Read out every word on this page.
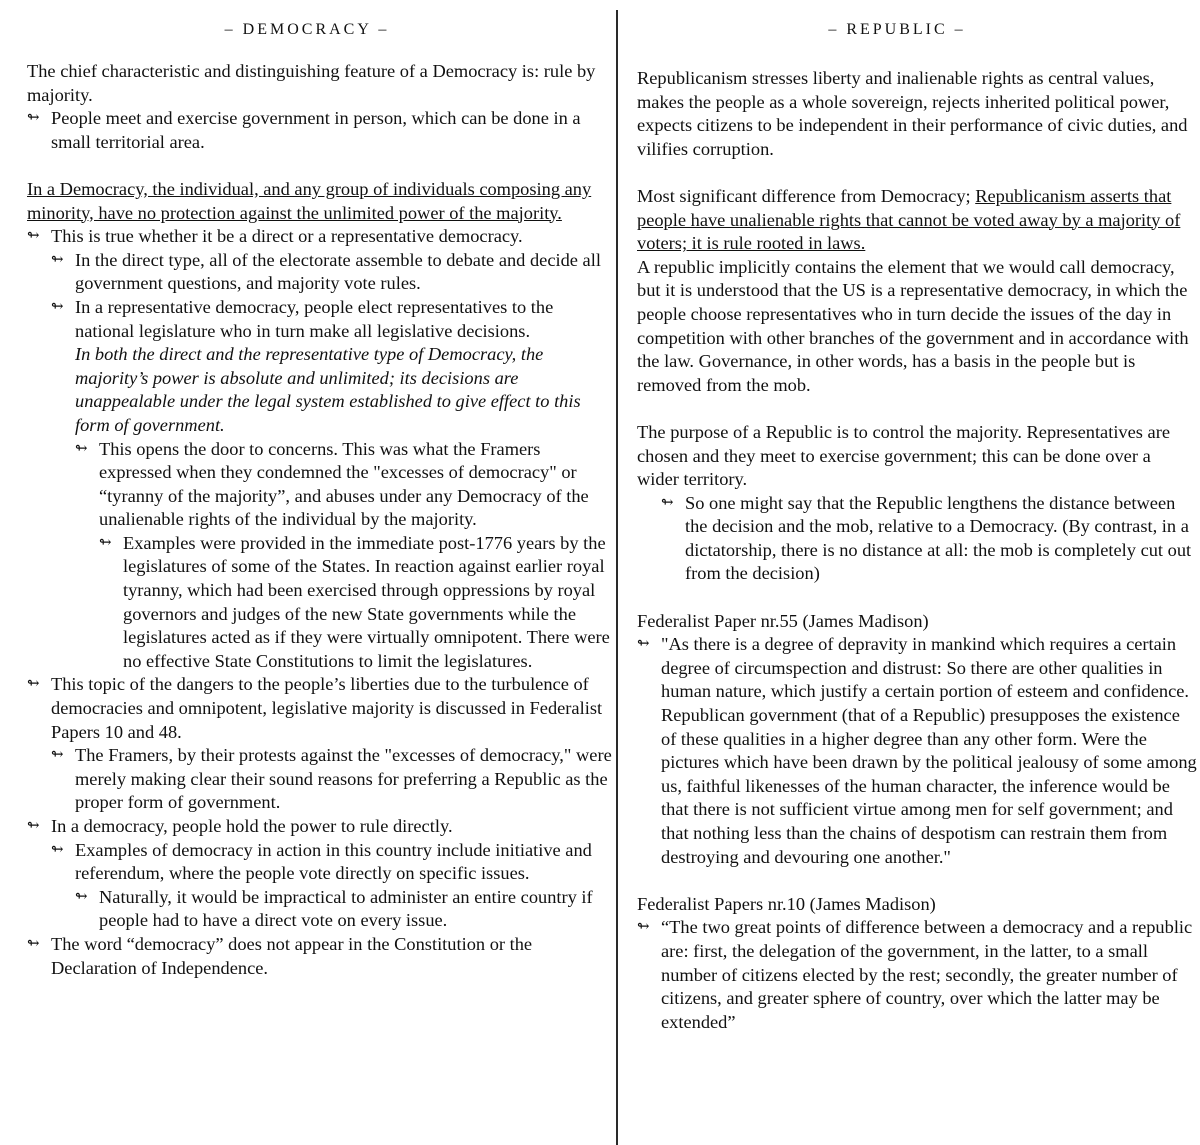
– DEMOCRACY –

The chief characteristic and distinguishing feature of a Democracy is: rule by majority.

↬ People meet and exercise government in person, which can be done in a small territorial area.

In a Democracy, the individual, and any group of individuals composing any minority, have no protection against the unlimited power of the majority.

↬ This is true whether it be a direct or a representative democracy.

↬ In the direct type, all of the electorate assemble to debate and decide all government questions, and majority vote rules.

↬ In a representative democracy, people elect representatives to the national legislature who in turn make all legislative decisions.

In both the direct and the representative type of Democracy, the majority’s power is absolute and unlimited; its decisions are unappealable under the legal system established to give effect to this form of government.

↬ This opens the door to concerns. This was what the Framers expressed when they condemned the "excesses of democracy" or “tyranny of the majority”, and abuses under any Democracy of the unalienable rights of the individual by the majority.

↬ Examples were provided in the immediate post-1776 years by the legislatures of some of the States. In reaction against earlier royal tyranny, which had been exercised through oppressions by royal governors and judges of the new State governments while the legislatures acted as if they were virtually omnipotent. There were no effective State Constitutions to limit the legislatures.

↬ This topic of the dangers to the people’s liberties due to the turbulence of democracies and omnipotent, legislative majority is discussed in Federalist Papers 10 and 48.

↬ The Framers, by their protests against the "excesses of democracy," were merely making clear their sound reasons for preferring a Republic as the proper form of government.

↬ In a democracy, people hold the power to rule directly.

↬ Examples of democracy in action in this country include initiative and referendum, where the people vote directly on specific issues.

↬ Naturally, it would be impractical to administer an entire country if people had to have a direct vote on every issue.

↬ The word “democracy” does not appear in the Constitution or the Declaration of Independence.

– REPUBLIC –

Republicanism stresses liberty and inalienable rights as central values, makes the people as a whole sovereign, rejects inherited political power, expects citizens to be independent in their performance of civic duties, and vilifies corruption.

Most significant difference from Democracy; Republicanism asserts that people have unalienable rights that cannot be voted away by a majority of voters; it is rule rooted in laws.

A republic implicitly contains the element that we would call democracy, but it is understood that the US is a representative democracy, in which the people choose representatives who in turn decide the issues of the day in competition with other branches of the government and in accordance with the law. Governance, in other words, has a basis in the people but is removed from the mob.

The purpose of a Republic is to control the majority. Representatives are chosen and they meet to exercise government; this can be done over a wider territory.

↬ So one might say that the Republic lengthens the distance between the decision and the mob, relative to a Democracy. (By contrast, in a dictatorship, there is no distance at all: the mob is completely cut out from the decision)

Federalist Paper nr.55 (James Madison)

↬ "As there is a degree of depravity in mankind which requires a certain degree of circumspection and distrust: So there are other qualities in human nature, which justify a certain portion of esteem and confidence. Republican government (that of a Republic) presupposes the existence of these qualities in a higher degree than any other form. Were the pictures which have been drawn by the political jealousy of some among us, faithful likenesses of the human character, the inference would be that there is not sufficient virtue among men for self government; and that nothing less than the chains of despotism can restrain them from destroying and devouring one another."

Federalist Papers nr.10 (James Madison)

↬ “The two great points of difference between a democracy and a republic are: first, the delegation of the government, in the latter, to a small number of citizens elected by the rest; secondly, the greater number of citizens, and greater sphere of country, over which the latter may be extended”
